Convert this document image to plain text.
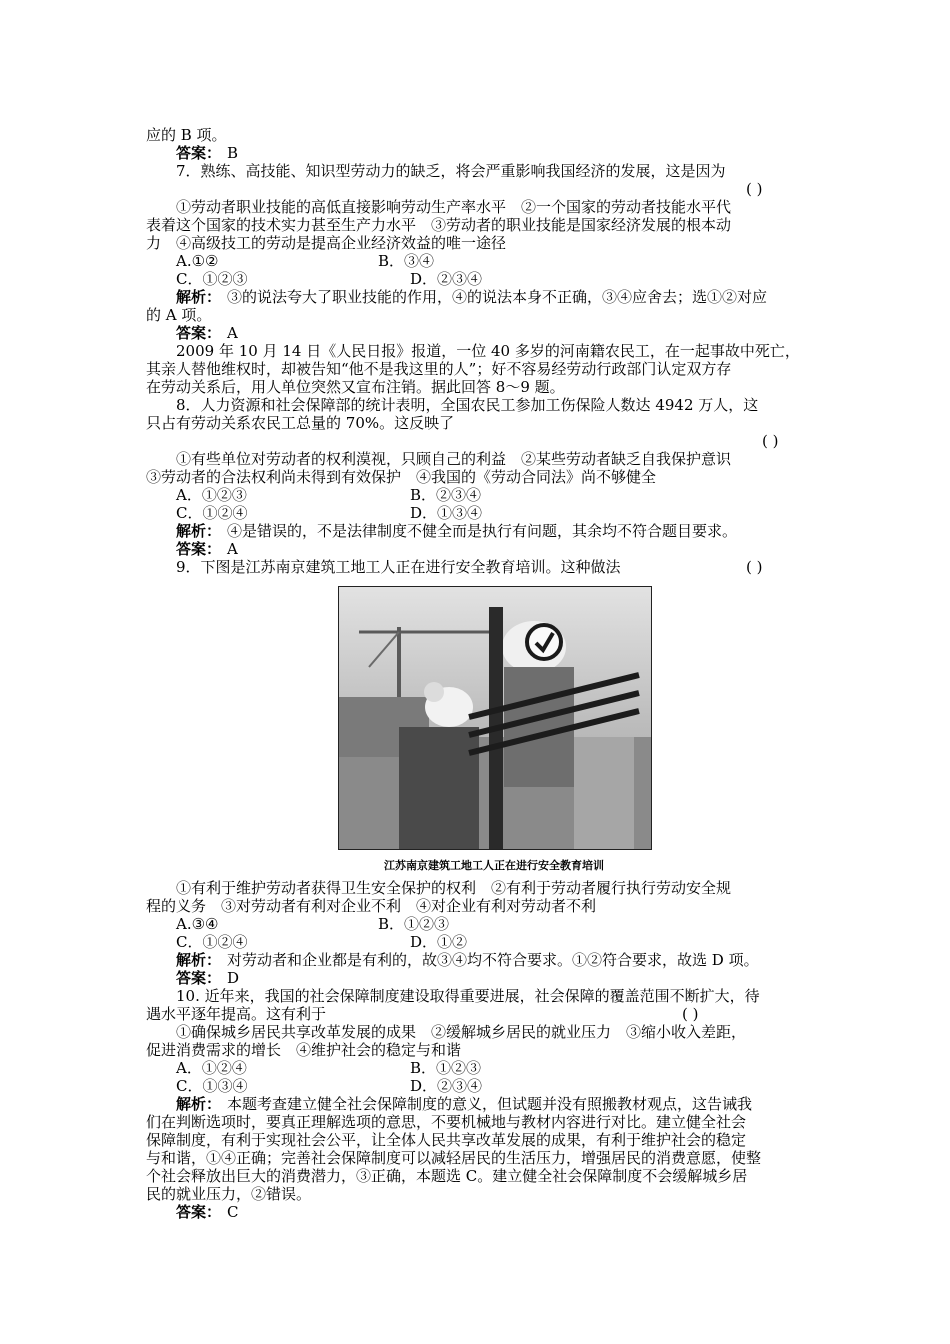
应的 B 项。
答案： B
7．熟练、高技能、知识型劳动力的缺乏，将会严重影响我国经济的发展，这是因为
( )
①劳动者职业技能的高低直接影响劳动生产率水平　②一个国家的劳动者技能水平代
表着这个国家的技术实力甚至生产力水平　③劳动者的职业技能是国家经济发展的根本动
力　④高级技工的劳动是提高企业经济效益的唯一途径
A.①②	B．③④
C．①②③	D．②③④
解析： ③的说法夸大了职业技能的作用，④的说法本身不正确，③④应舍去；选①②对应
的 A 项。
答案： A
2009 年 10 月 14 日《人民日报》报道，一位 40 多岁的河南籍农民工，在一起事故中死亡，
其亲人替他维权时，却被告知“他不是我这里的人”；好不容易经劳动行政部门认定双方存
在劳动关系后，用人单位突然又宣布注销。据此回答 8～9 题。
8．人力资源和社会保障部的统计表明，全国农民工参加工伤保险人数达 4942 万人，这
只占有劳动关系农民工总量的 70%。这反映了
( )
①有些单位对劳动者的权利漠视，只顾自己的利益　②某些劳动者缺乏自我保护意识
③劳动者的合法权利尚未得到有效保护　④我国的《劳动合同法》尚不够健全
A．①②③	B．②③④
C．①②④	D．①③④
解析： ④是错误的，不是法律制度不健全而是执行有问题，其余均不符合题目要求。
答案： A
9．下图是江苏南京建筑工地工人正在进行安全教育培训。这种做法	( )
江苏南京建筑工地工人正在进行安全教育培训
①有利于维护劳动者获得卫生安全保护的权利　②有利于劳动者履行执行劳动安全规
程的义务　③对劳动者有利对企业不利　④对企业有利对劳动者不利
A.③④	B．①②③
C．①②④	D．①②
解析： 对劳动者和企业都是有利的，故③④均不符合要求。①②符合要求，故选 D 项。
答案： D
10. 近年来，我国的社会保障制度建设取得重要进展，社会保障的覆盖范围不断扩大，待
遇水平逐年提高。这有利于	( )
①确保城乡居民共享改革发展的成果　②缓解城乡居民的就业压力　③缩小收入差距，
促进消费需求的增长　④维护社会的稳定与和谐
A．①②④	B．①②③
C．①③④	D．②③④
解析： 本题考查建立健全社会保障制度的意义，但试题并没有照搬教材观点，这告诫我
们在判断选项时，要真正理解选项的意思，不要机械地与教材内容进行对比。建立健全社会
保障制度，有利于实现社会公平，让全体人民共享改革发展的成果，有利于维护社会的稳定
与和谐，①④正确；完善社会保障制度可以减轻居民的生活压力，增强居民的消费意愿，使整
个社会释放出巨大的消费潜力，③正确，本题选 C。建立健全社会保障制度不会缓解城乡居
民的就业压力，②错误。
答案： C
